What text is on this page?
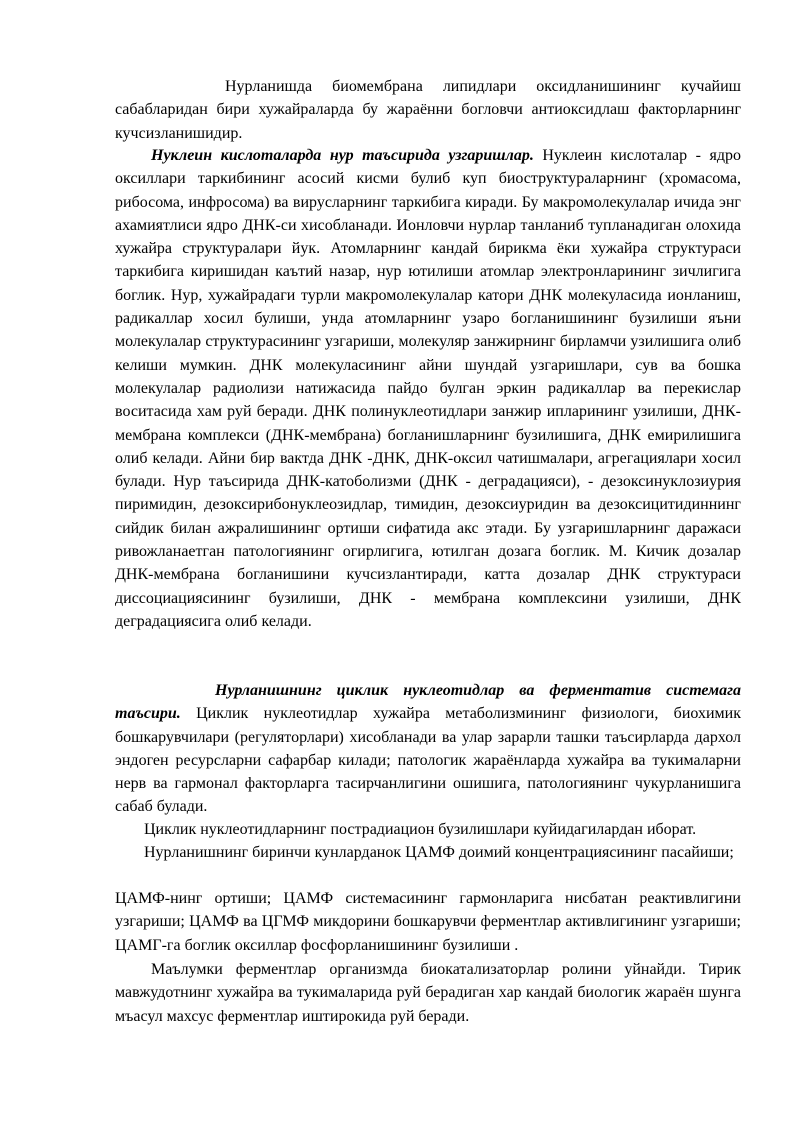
Нурланишда биомембрана липидлари оксидланишининг кучайиш сабабларидан бири хужайраларда бу жараённи богловчи антиоксидлаш факторларнинг кучсизланишидир.

Нуклеин кислоталарда нур таъсирида узгаришлар. Нуклеин кислоталар - ядро оксиллари таркибининг асосий кисми булиб куп биоструктураларнинг (хромасома, рибосома, инфросома) ва вирусларнинг таркибига киради. Бу макромолекулалар ичида энг ахамиятлиси ядро ДНК-си хисобланади. Ионловчи нурлар танланиб тупланадиган олохида хужайра структуралари йук. Атомларнинг кандай бирикма ёки хужайра структураси таркибига киришидан каътий назар, нур ютилиши атомлар электронларининг зичлигига боглик. Нур, хужайрадаги турли макромолекулалар катори ДНК молекуласида ионланиш, радикаллар хосил булиши, унда атомларнинг узаро богланишининг бузилиши яъни молекулалар структурасининг узгариши, молекуляр занжирнинг бирламчи узилишига олиб келиши мумкин. ДНК молекуласининг айни шундай узгаришлари, сув ва бошка молекулалар радиолизи натижасида пайдо булган эркин радикаллар ва перекислар воситасида хам руй беради. ДНК полинуклеотидлари занжир ипларининг узилиши, ДНК- мембрана комплекси (ДНК-мембрана) богланишларнинг бузилишига, ДНК емирилишига олиб келади. Айни бир вактда ДНК -ДНК, ДНК-оксил чатишмалари, агрегациялари хосил булади. Нур таъсирида ДНК-катоболизми (ДНК - деградацияси), - дезоксинуклозиурия пиримидин, дезоксирибонуклеозидлар, тимидин, дезоксиуридин ва дезоксицитидиннинг сийдик билан ажралишининг ортиши сифатида акс этади. Бу узгаришларнинг даражаси ривожланаетган патологиянинг огирлигига, ютилган дозага боглик. М. Кичик дозалар ДНК-мембрана богланишини кучсизлантиради, катта дозалар ДНК структураси диссоциациясининг бузилиши, ДНК - мембрана комплексини узилиши, ДНК деградациясига олиб келади.

Нурланишнинг циклик нуклеотидлар ва ферментатив системага таъсири. Циклик нуклеотидлар хужайра метаболизмининг физиологи, биохимик бошкарувчилари (регуляторлари) хисобланади ва улар зарарли ташки таъсирларда дархол эндоген ресурсларни сафарбар килади; патологик жараёнларда хужайра ва тукималарни нерв ва гармонал факторларга тасирчанлигини ошишига, патологиянинг чукурланишига сабаб булади.

Циклик нуклеотидларнинг пострадиацион бузилишлари куйидагилардан иборат.

Нурланишнинг биринчи кунларданок ЦАМФ доимий концентрациясининг пасайиши;

ЦАМФ-нинг ортиши; ЦАМФ системасининг гармонларига нисбатан реактивлигини узгариши; ЦАМФ ва ЦГМФ микдорини бошкарувчи ферментлар активлигининг узгариши; ЦАМГ-га боглик оксиллар фосфорланишининг бузилиши .

Маълумки ферментлар организмда биокатализаторлар ролини уйнайди. Тирик мавжудотнинг хужайра ва тукималарида руй берадиган хар кандай биологик жараён шунга мъасул махсус ферментлар иштирокида руй беради.
